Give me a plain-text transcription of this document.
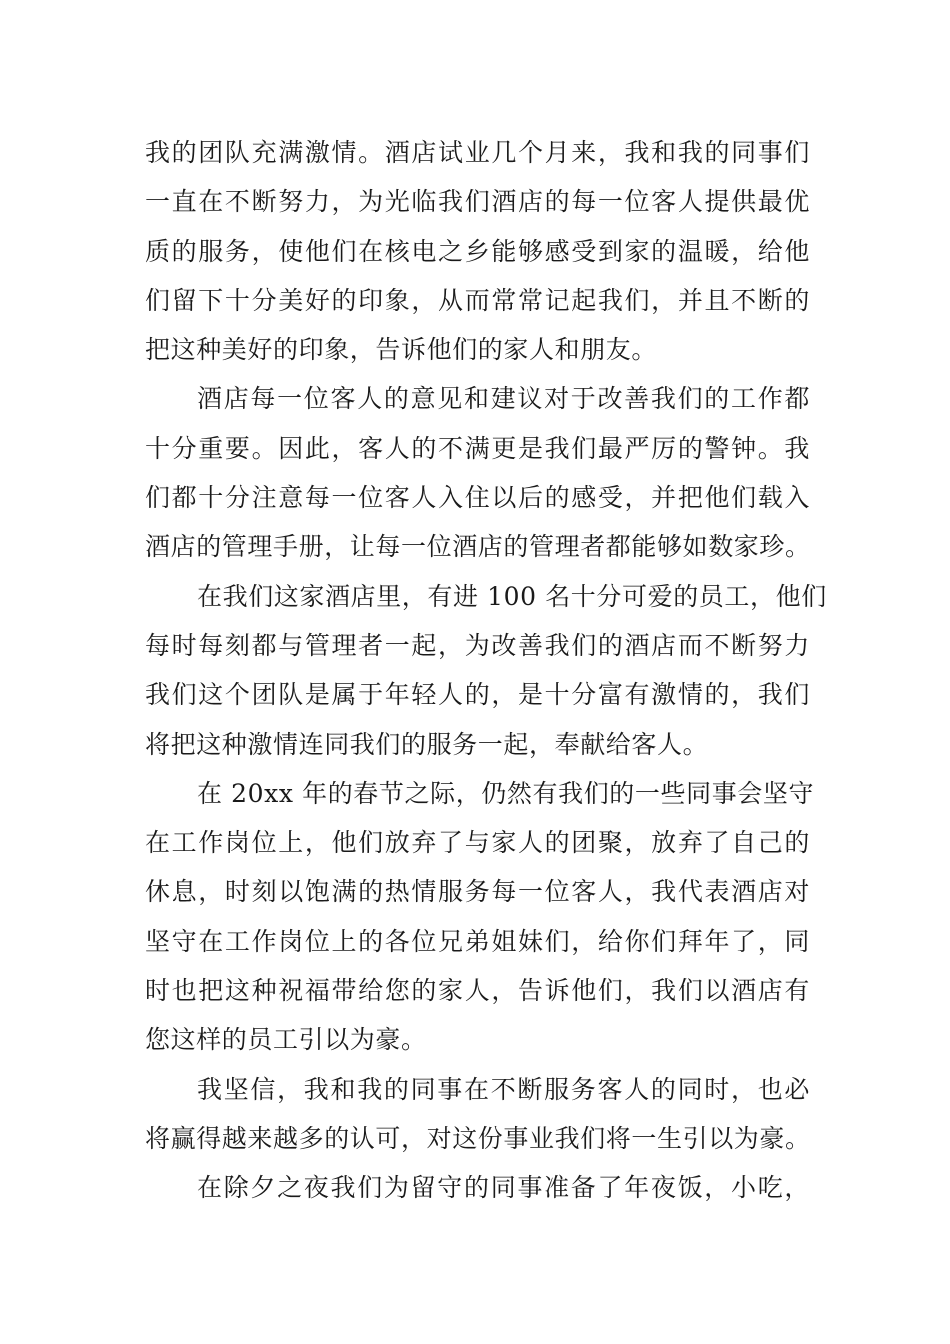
我的团队充满激情。酒店试业几个月来，我和我的同事们
一直在不断努力，为光临我们酒店的每一位客人提供最优
质的服务，使他们在核电之乡能够感受到家的温暖，给他
们留下十分美好的印象，从而常常记起我们，并且不断的
把这种美好的印象，告诉他们的家人和朋友。
酒店每一位客人的意见和建议对于改善我们的工作都
十分重要。因此，客人的不满更是我们最严厉的警钟。我
们都十分注意每一位客人入住以后的感受，并把他们载入
酒店的管理手册，让每一位酒店的管理者都能够如数家珍。
在我们这家酒店里，有进 100 名十分可爱的员工，他们
每时每刻都与管理者一起，为改善我们的酒店而不断努力
我们这个团队是属于年轻人的，是十分富有激情的，我们
将把这种激情连同我们的服务一起，奉献给客人。
在 20xx 年的春节之际，仍然有我们的一些同事会坚守
在工作岗位上，他们放弃了与家人的团聚，放弃了自己的
休息，时刻以饱满的热情服务每一位客人，我代表酒店对
坚守在工作岗位上的各位兄弟姐妹们，给你们拜年了，同
时也把这种祝福带给您的家人，告诉他们，我们以酒店有
您这样的员工引以为豪。
我坚信，我和我的同事在不断服务客人的同时，也必
将赢得越来越多的认可，对这份事业我们将一生引以为豪。
在除夕之夜我们为留守的同事准备了年夜饭，小吃，
